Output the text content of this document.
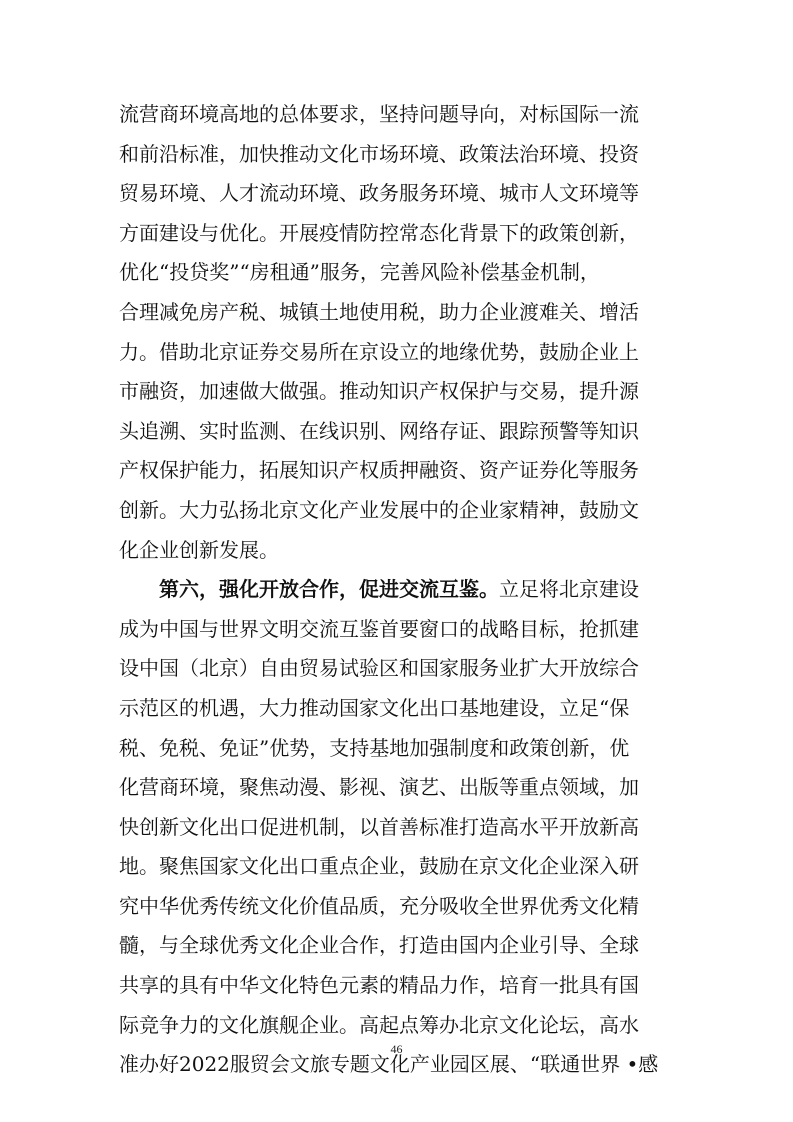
流营商环境高地的总体要求，坚持问题导向，对标国际一流
和前沿标准，加快推动文化市场环境、政策法治环境、投资
贸易环境、人才流动环境、政务服务环境、城市人文环境等
方面建设与优化。开展疫情防控常态化背景下的政策创新，
优化“投贷奖”“房租通”服务，完善风险补偿基金机制，
合理减免房产税、城镇土地使用税，助力企业渡难关、增活
力。借助北京证券交易所在京设立的地缘优势，鼓励企业上
市融资，加速做大做强。推动知识产权保护与交易，提升源
头追溯、实时监测、在线识别、网络存证、跟踪预警等知识
产权保护能力，拓展知识产权质押融资、资产证券化等服务
创新。大力弘扬北京文化产业发展中的企业家精神，鼓励文
化企业创新发展。
第六，强化开放合作，促进交流互鉴。立足将北京建设
成为中国与世界文明交流互鉴首要窗口的战略目标，抢抓建
设中国（北京）自由贸易试验区和国家服务业扩大开放综合
示范区的机遇，大力推动国家文化出口基地建设，立足“保
税、免税、免证”优势，支持基地加强制度和政策创新，优
化营商环境，聚焦动漫、影视、演艺、出版等重点领域，加
快创新文化出口促进机制，以首善标准打造高水平开放新高
地。聚焦国家文化出口重点企业，鼓励在京文化企业深入研
究中华优秀传统文化价值品质，充分吸收全世界优秀文化精
髓，与全球优秀文化企业合作，打造由国内企业引导、全球
共享的具有中华文化特色元素的精品力作，培育一批具有国
际竞争力的文化旗舰企业。高起点筹办北京文化论坛，高水
准办好2022服贸会文旅专题文化产业园区展、“联通世界 •感
46
